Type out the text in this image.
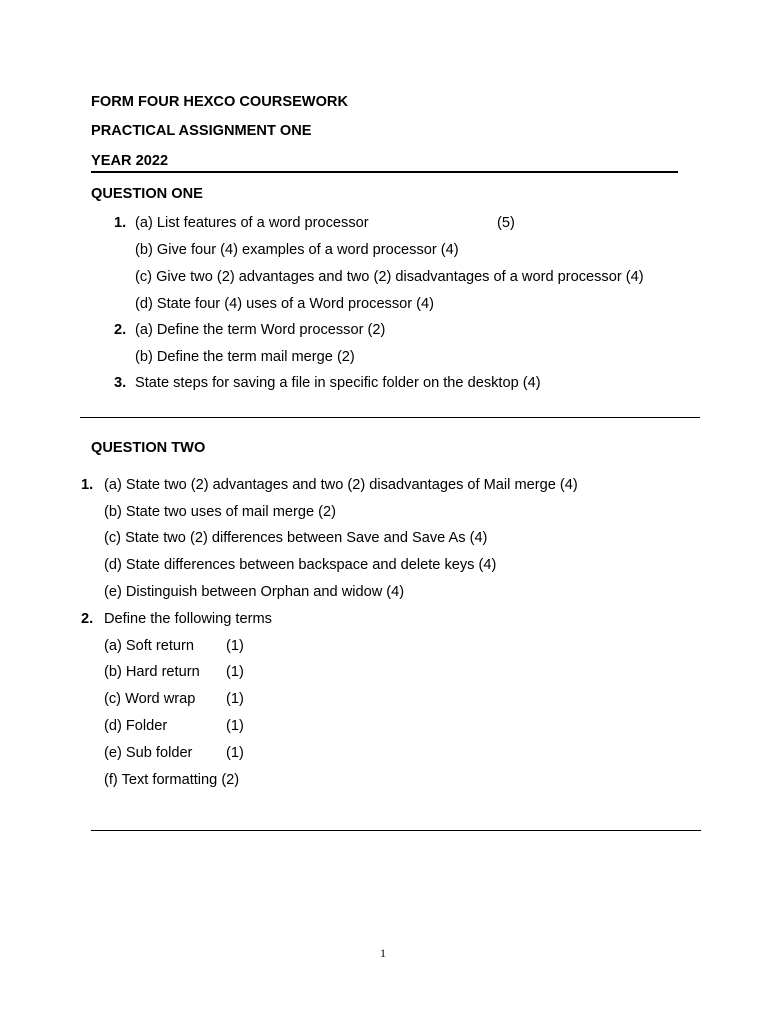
FORM FOUR HEXCO COURSEWORK
PRACTICAL ASSIGNMENT ONE
YEAR 2022
QUESTION ONE
1. (a) List features of a word processor	(5)
(b) Give four (4) examples of a word processor (4)
(c) Give two (2) advantages and two (2) disadvantages of a word processor (4)
(d) State four (4) uses of a Word processor (4)
2. (a) Define the term Word processor (2)
(b) Define the term mail merge (2)
3. State steps for saving a file in specific folder on the desktop (4)
QUESTION TWO
1. (a) State two (2) advantages and two (2) disadvantages of Mail merge (4)
(b) State two uses of mail merge (2)
(c) State two (2) differences between Save and Save As (4)
(d) State differences between backspace and delete keys (4)
(e) Distinguish between Orphan and widow (4)
2. Define the following terms
(a) Soft return (1)
(b) Hard return (1)
(c) Word wrap (1)
(d) Folder	(1)
(e) Sub folder (1)
(f) Text formatting (2)
1
